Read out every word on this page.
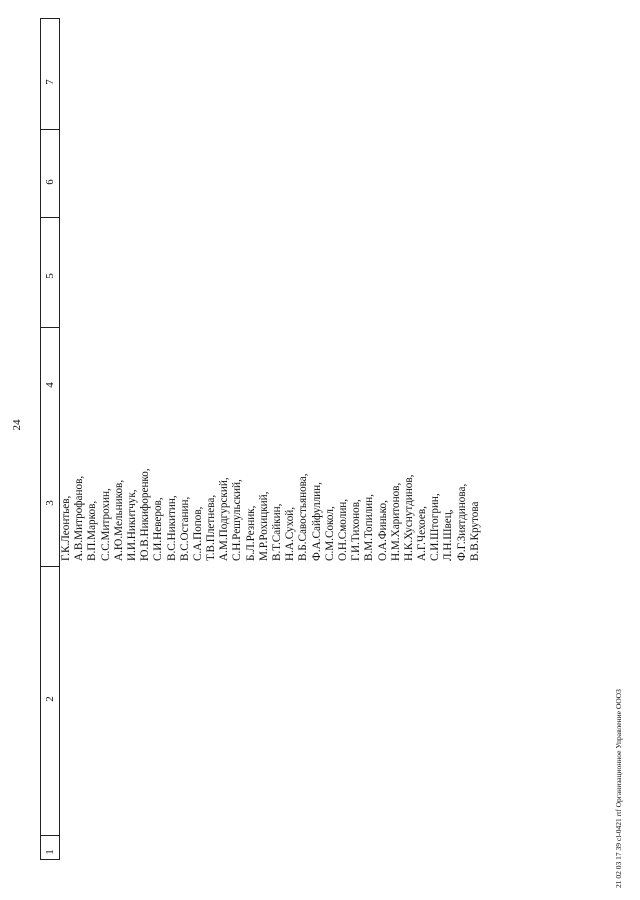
24
1
2
3
4
5
6
7
Г.К.Леонтьев, А.В.Митрофанов, В.П.Марков, С.С.Митрохин, А.Ю.Мельников, И.И.Никитчук, Ю.В.Никифоренко, С.И.Неверов, В.С.Никитин, В.С.Останин, С.А.Попов, Т.В.Плетнева, А.М.Подгурский, С.Н.Решульский, Б.Л.Резник, М.Р.Рохицкий, В.Т.Сайкин, Н.А.Сухой, В.Б.Савостьянова, Ф.А.Сайфуллин, С.М.Сокол, О.Н.Смолин, Г.И.Тихонов, В.М.Топилин, О.А.Финько, Н.М.Харитонов, Н.К.Хуснутдинов, А.Г.Чехоев, С.И.Штогрин, Л.Н.Швец, Ф.Г.Зиятдинова, В.В.Крутова
21 02 03 17 39 cl-0421 rtf Организационное Управление ООО3
